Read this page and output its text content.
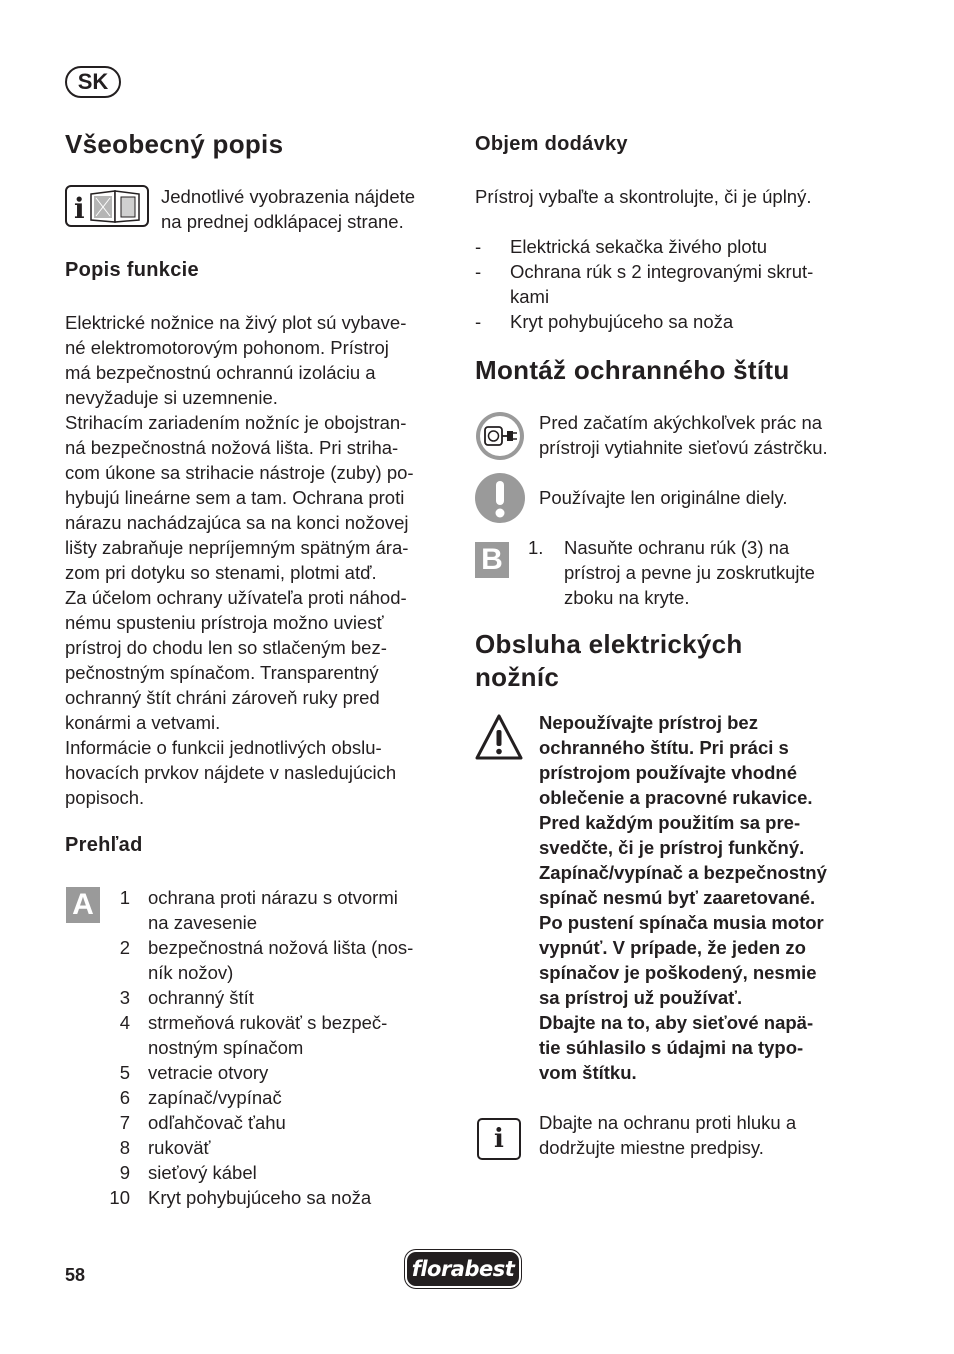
SK
Všeobecný popis
i	Jednotlivé vyobrazenia nájdete
na prednej odklápacej strane.
Popis funkcie
Elektrické nožnice na živý plot sú vybave-
né elektromotorovým pohonom. Prístroj
má bezpečnostnú ochrannú izoláciu a
nevyžaduje si uzemnenie.
Strihacím zariadením nožníc je obojstran-
ná bezpečnostná nožová lišta. Pri striha-
com úkone sa strihacie nástroje (zuby) po-
hybujú lineárne sem a tam. Ochrana proti
nárazu nachádzajúca sa na konci nožovej
lišty zabraňuje nepríjemným spätným ára-
zom pri dotyku so stenami, plotmi atď.
Za účelom ochrany užívateľa proti náhod-
nému spusteniu prístroja možno uviesť
prístroj do chodu len so stlačeným bez-
pečnostným spínačom. Transparentný
ochranný štít chráni zároveň ruky pred
konármi a vetvami.
Informácie o funkcii jednotlivých obslu-
hovacích prvkov nájdete v nasledujúcich
popisoch.
Prehľad
A	1 ochrana proti nárazu s otvormi
na zavesenie
2 bezpečnostná nožová lišta (nos-
ník nožov)
3 ochranný štít
4 strmeňová rukoväť s bezpeč-
nostným spínačom
5 vetracie otvory
6 zapínač/vypínač
7 odľahčovač ťahu
8 rukoväť
9 sieťový kábel
10 Kryt pohybujúceho sa noža
Objem dodávky
Prístroj vybaľte a skontrolujte, či je úplný.
- Elektrická sekačka živého plotu
- Ochrana rúk s 2 integrovanými skrut-
kami
- Kryt pohybujúceho sa noža
Montáž ochranného štítu
Pred začatím akýchkoľvek prác na
prístroji vytiahnite sieťovú zástrčku.
Používajte len originálne diely.
B	1. Nasuňte ochranu rúk (3) na
prístroj a pevne ju zoskrutkujte
zboku na kryte.
Obsluha elektrických
nožníc
Nepoužívajte prístroj bez
ochranného štítu. Pri práci s
prístrojom používajte vhodné
oblečenie a pracovné rukavice.
Pred každým použitím sa pre-
svedčte, či je prístroj funkčný.
Zapínač/vypínač a bezpečnostný
spínač nesmú byť zaaretované.
Po pustení spínača musia motor
vypnúť. V prípade, že jeden zo
spínačov je poškodený, nesmie
sa prístroj už používať.
Dbajte na to, aby sieťové napä-
tie súhlasilo s údajmi na typo-
vom štítku.
i
Dbajte na ochranu proti hluku a
dodržujte miestne predpisy.
58	florabest
